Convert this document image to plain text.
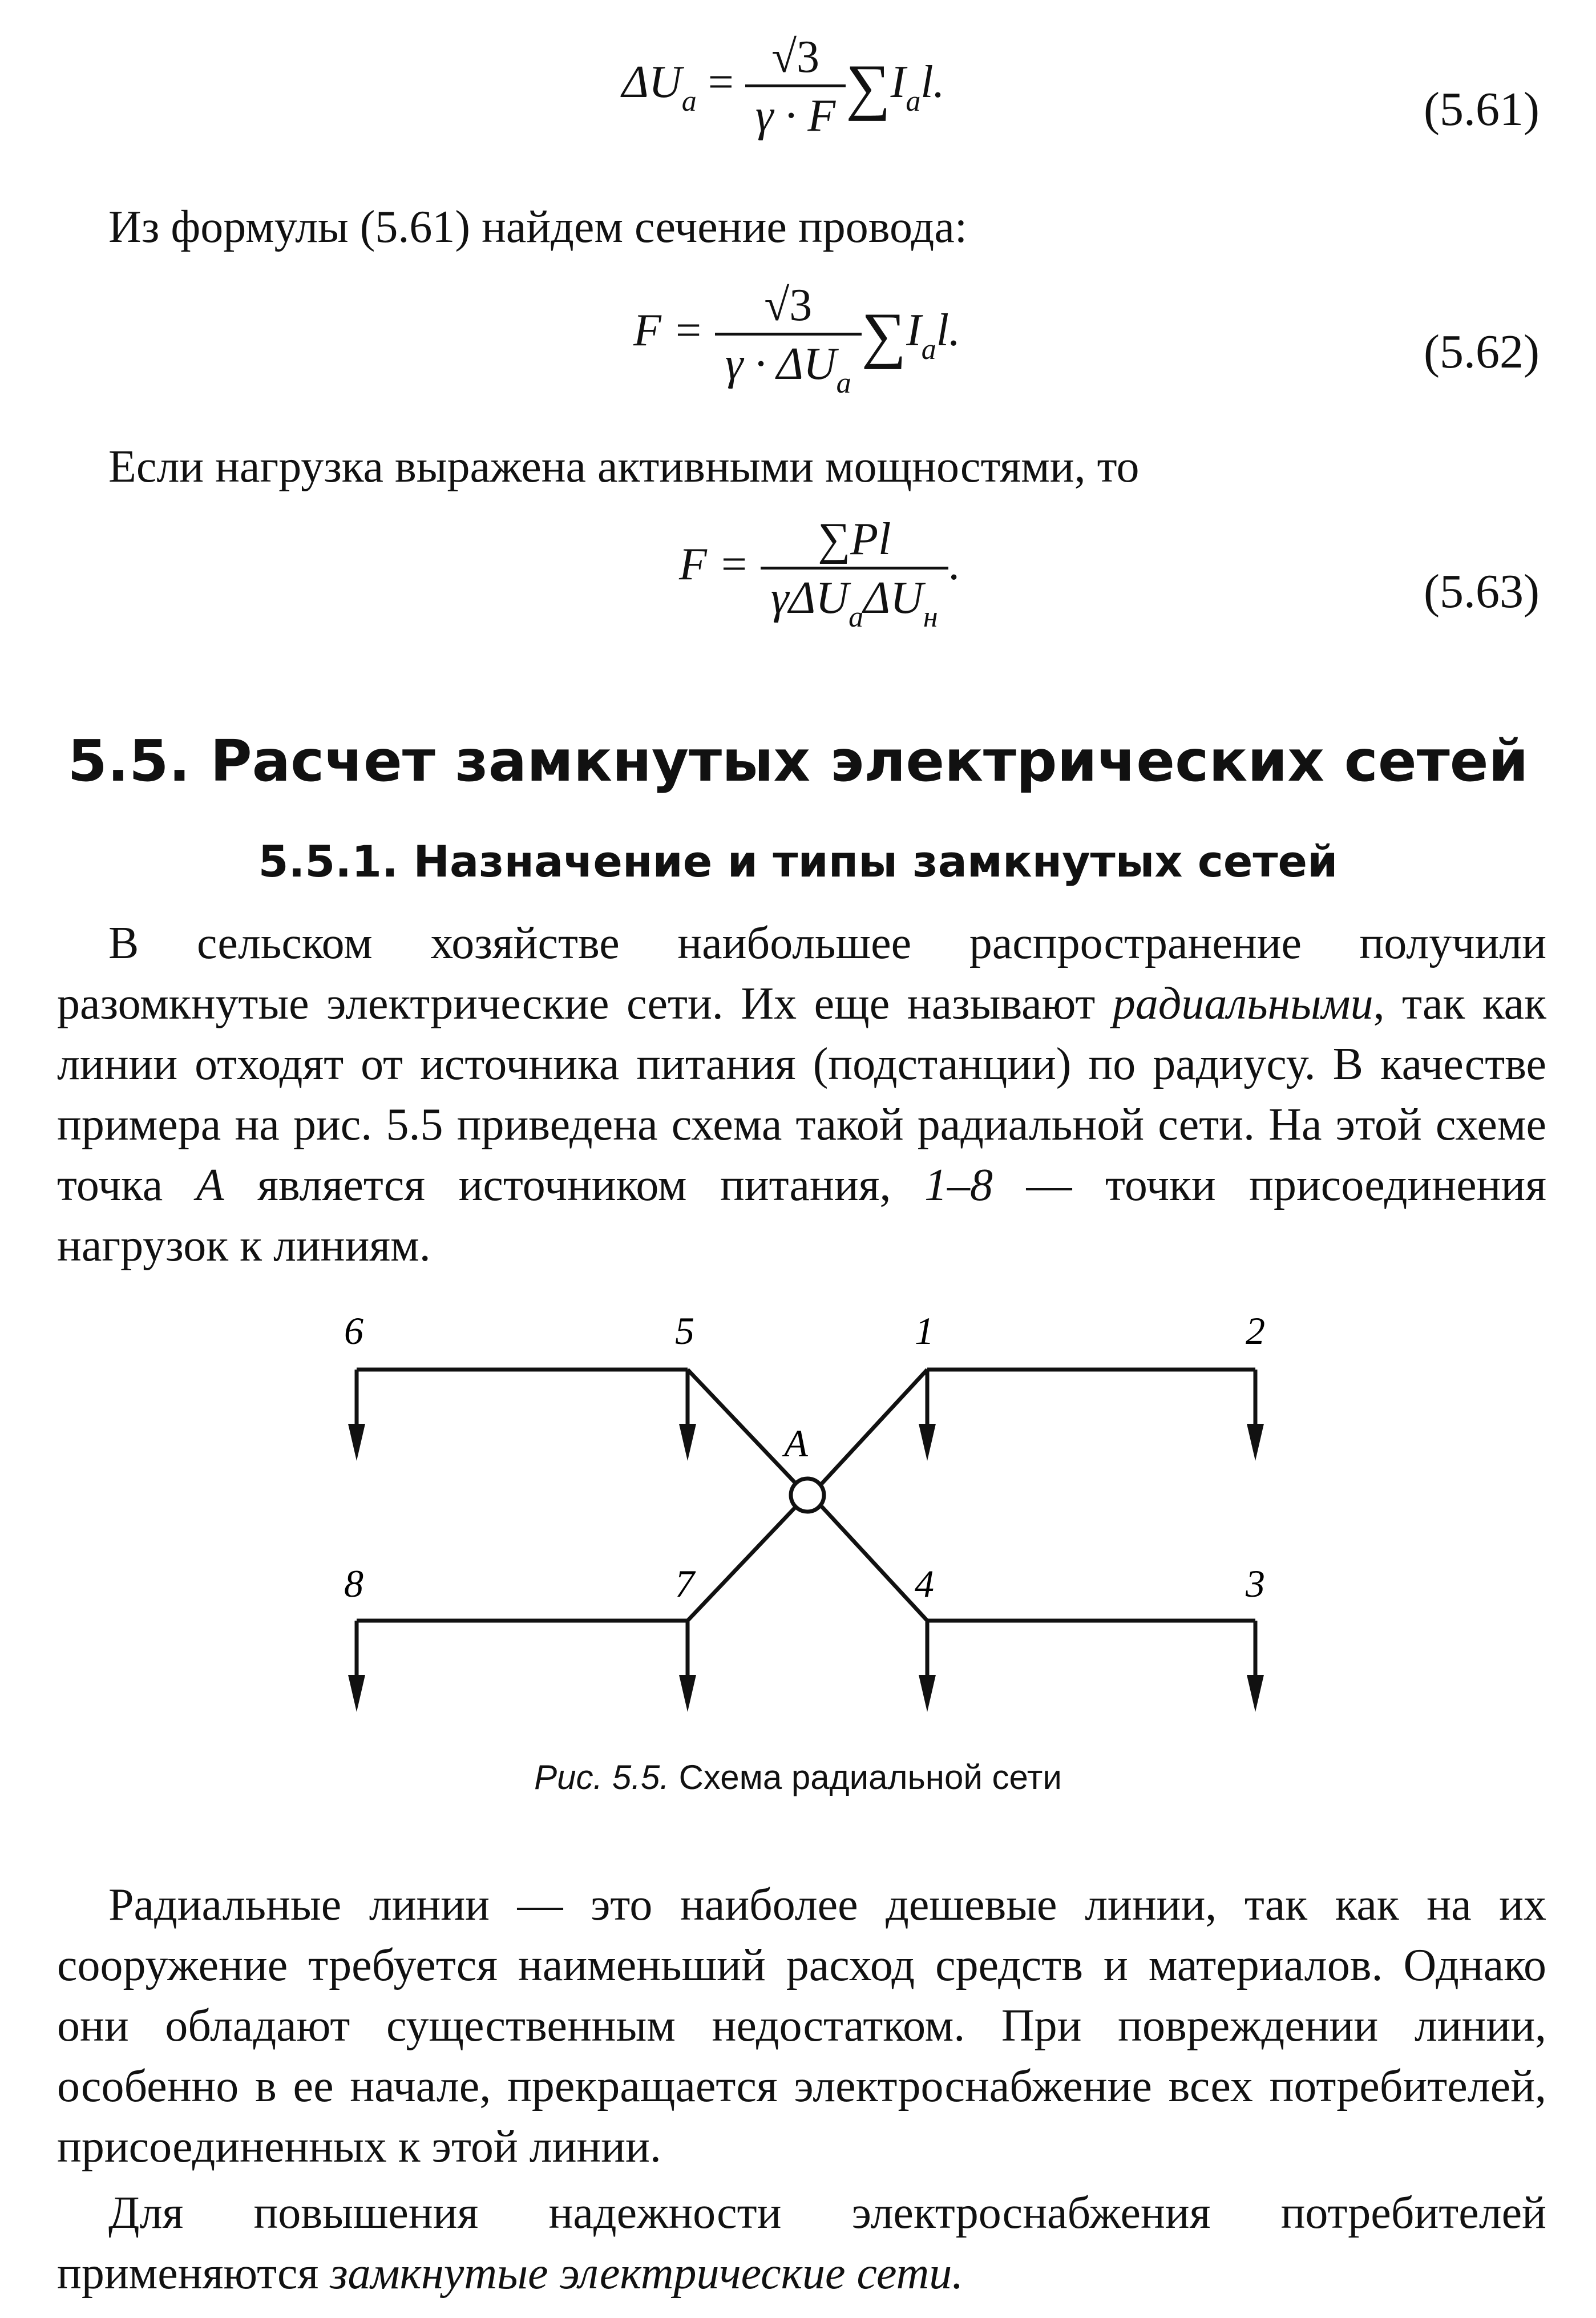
$\Delta U_a = \frac{√3}{\gamma \cdot F} \sum I_al$.
(5.61)
Из формулы (5.61) найдем сечение провода:
$F = \frac{√3}{\gamma \cdot \Delta U_a} \sum I_al$.	(5.62)
Если нагрузка выражена активными мощностями, то
$F = \frac{\sum Pl}{\gamma\Delta U_a\Delta U_н}$ .
(5.63)
5.5. Расчет замкнутых электрических сетей
5.5.1. Назначение и типы замкнутых сетей
В сельском хозяйстве наибольшее распространение получили разомкнутые электрические сети. Их еще называют радиальными, так как линии отходят от источника питания (подстанции) по радиусу. В качестве примера на рис. 5.5 приведена схема такой радиальной сети. На этой схеме точка А является источником питания, 1–8 — точки присоединения нагрузок к линиям.
A
6	5	1	2
8	7	4	3
Рис. 5.5. Схема радиальной сети
Радиальные линии — это наиболее дешевые линии, так как на их сооружение требуется наименьший расход средств и материалов. Однако они обладают существенным недостатком. При повреждении линии, особенно в ее начале, прекращается электроснабжение всех потребителей, присоединенных к этой линии.
Для повышения надежности электроснабжения потребителей применяются замкнутые электрические сети.
